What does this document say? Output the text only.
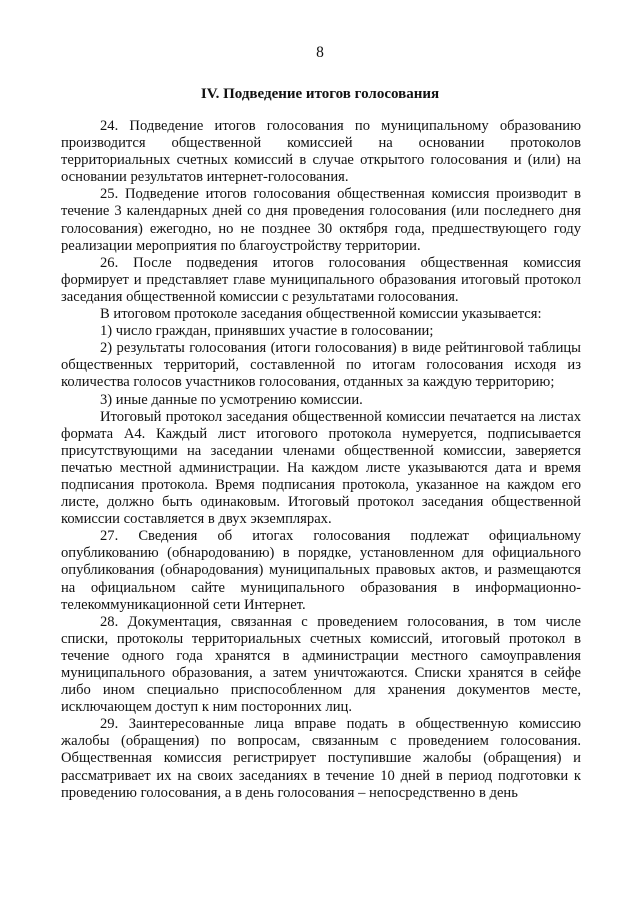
8
IV. Подведение итогов голосования

24. Подведение итогов голосования по муниципальному образованию производится общественной комиссией на основании протоколов территориальных счетных комиссий в случае открытого голосования и (или) на основании результатов интернет-голосования.

25. Подведение итогов голосования общественная комиссия производит в течение 3 календарных дней со дня проведения голосования (или последнего дня голосования) ежегодно, но не позднее 30 октября года, предшествующего году реализации мероприятия по благоустройству территории.

26. После подведения итогов голосования общественная комиссия формирует и представляет главе муниципального образования итоговый протокол заседания общественной комиссии с результатами голосования.

В итоговом протоколе заседания общественной комиссии указывается:

1) число граждан, принявших участие в голосовании;

2) результаты голосования (итоги голосования) в виде рейтинговой таблицы общественных территорий, составленной по итогам голосования исходя из количества голосов участников голосования, отданных за каждую территорию;

3) иные данные по усмотрению комиссии.

Итоговый протокол заседания общественной комиссии печатается на листах формата А4. Каждый лист итогового протокола нумеруется, подписывается присутствующими на заседании членами общественной комиссии, заверяется печатью местной администрации. На каждом листе указываются дата и время подписания протокола. Время подписания протокола, указанное на каждом его листе, должно быть одинаковым. Итоговый протокол заседания общественной комиссии составляется в двух экземплярах.

27. Сведения об итогах голосования подлежат официальному опубликованию (обнародованию) в порядке, установленном для официального опубликования (обнародования) муниципальных правовых актов, и размещаются на официальном сайте муниципального образования в информационно-телекоммуникационной сети Интернет.

28. Документация, связанная с проведением голосования, в том числе списки, протоколы территориальных счетных комиссий, итоговый протокол в течение одного года хранятся в администрации местного самоуправления муниципального образования, а затем уничтожаются. Списки хранятся в сейфе либо ином специально приспособленном для хранения документов месте, исключающем доступ к ним посторонних лиц.

29. Заинтересованные лица вправе подать в общественную комиссию жалобы (обращения) по вопросам, связанным с проведением голосования. Общественная комиссия регистрирует поступившие жалобы (обращения) и рассматривает их на своих заседаниях в течение 10 дней в период подготовки к проведению голосования, а в день голосования – непосредственно в день
